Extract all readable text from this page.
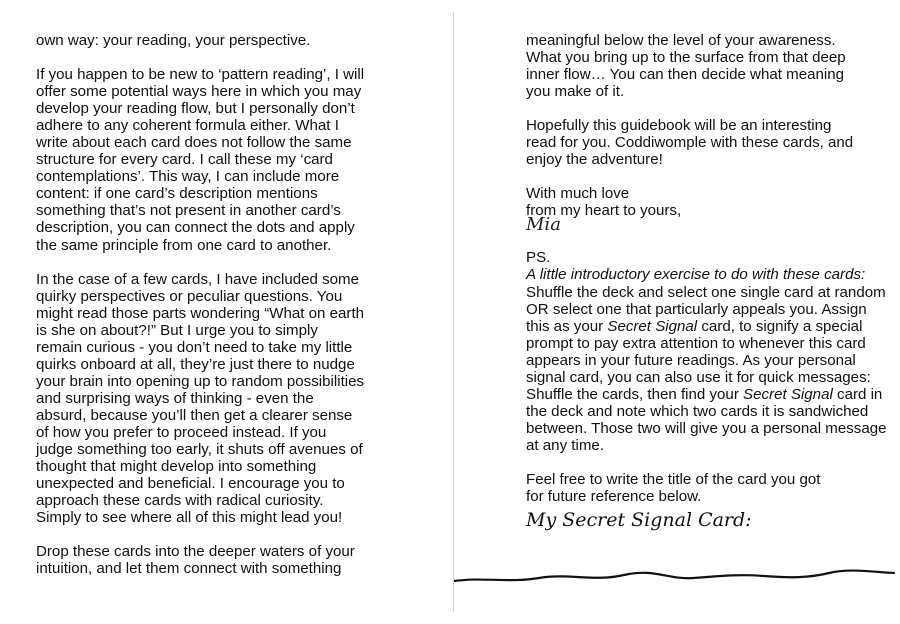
own way: your reading, your perspective.

If you happen to be new to ‘pattern reading’, I will
offer some potential ways here in which you may
develop your reading flow, but I personally don’t
adhere to any coherent formula either. What I
write about each card does not follow the same
structure for every card. I call these my ‘card
contemplations’. This way, I can include more
content: if one card’s description mentions
something that’s not present in another card’s
description, you can connect the dots and apply
the same principle from one card to another.

In the case of a few cards, I have included some
quirky perspectives or peculiar questions. You
might read those parts wondering “What on earth
is she on about?!” But I urge you to simply
remain curious - you don’t need to take my little
quirks onboard at all, they’re just there to nudge
your brain into opening up to random possibilities
and surprising ways of thinking - even the
absurd, because you’ll then get a clearer sense
of how you prefer to proceed instead. If you
judge something too early, it shuts off avenues of
thought that might develop into something
unexpected and beneficial. I encourage you to
approach these cards with radical curiosity.
Simply to see where all of this might lead you!

Drop these cards into the deeper waters of your
intuition, and let them connect with something

meaningful below the level of your awareness.
What you bring up to the surface from that deep
inner flow… You can then decide what meaning
you make of it.

Hopefully this guidebook will be an interesting
read for you. Coddiwomple with these cards, and
enjoy the adventure!

With much love
from my heart to yours,

Mia

PS.

A little introductory exercise to do with these cards:
Shuffle the deck and select one single card at random
OR select one that particularly appeals you. Assign
this as your Secret Signal card, to signify a special
prompt to pay extra attention to whenever this card
appears in your future readings. As your personal
signal card, you can also use it for quick messages:
Shuffle the cards, then find your Secret Signal card in
the deck and note which two cards it is sandwiched
between. Those two will give you a personal message
at any time.

Feel free to write the title of the card you got
for future reference below.

My Secret Signal Card:
